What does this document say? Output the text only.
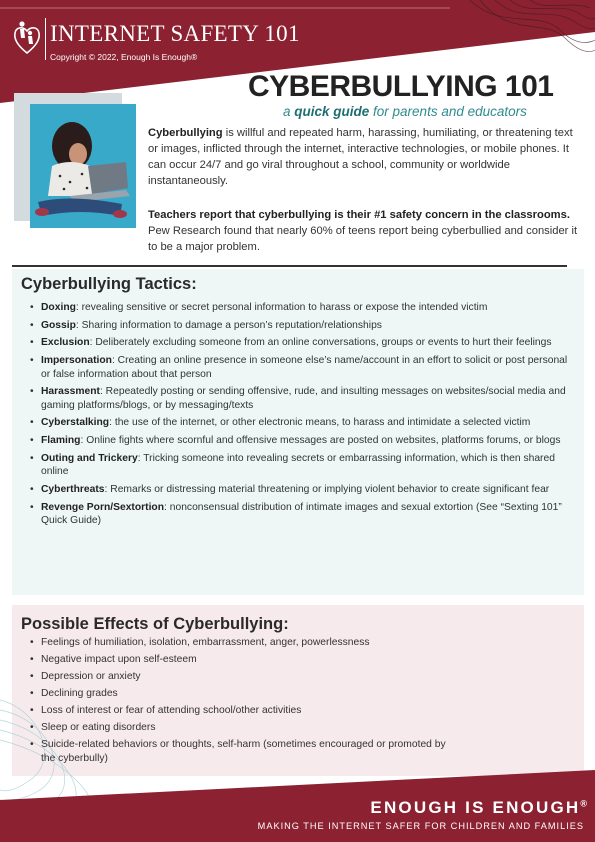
INTERNET SAFETY 101
Copyright © 2022, Enough Is Enough®
CYBERBULLYING 101
a quick guide for parents and educators
Cyberbullying is willful and repeated harm, harassing, humiliating, or threatening text or images, inflicted through the internet, interactive technologies, or mobile phones. It can occur 24/7 and go viral throughout a school, community or worldwide instantaneously.
Teachers report that cyberbullying is their #1 safety concern in the classrooms. Pew Research found that nearly 60% of teens report being cyberbullied and consider it to be a major problem.
Cyberbullying Tactics:
• Doxing: revealing sensitive or secret personal information to harass or expose the intended victim
• Gossip: Sharing information to damage a person’s reputation/relationships
• Exclusion: Deliberately excluding someone from an online conversations, groups or events to hurt their feelings
• Impersonation: Creating an online presence in someone else’s name/account in an effort to solicit or post personal or false information about that person
• Harassment: Repeatedly posting or sending offensive, rude, and insulting messages on websites/social media and gaming platforms/blogs, or by messaging/texts
• Cyberstalking: the use of the internet, or other electronic means, to harass and intimidate a selected victim
• Flaming: Online fights where scornful and offensive messages are posted on websites, platforms forums, or blogs
• Outing and Trickery: Tricking someone into revealing secrets or embarrassing information, which is then shared online
• Cyberthreats: Remarks or distressing material threatening or implying violent behavior to create significant fear
• Revenge Porn/Sextortion: nonconsensual distribution of intimate images and sexual extortion (See “Sexting 101” Quick Guide)
Possible Effects of Cyberbullying:
• Feelings of humiliation, isolation, embarrassment, anger, powerlessness
• Negative impact upon self-esteem
• Depression or anxiety
• Declining grades
• Loss of interest or fear of attending school/other activities
• Sleep or eating disorders
• Suicide-related behaviors or thoughts, self-harm (sometimes encouraged or promoted by the cyberbully)
ENOUGH IS ENOUGH®
MAKING THE INTERNET SAFER FOR CHILDREN AND FAMILIES
